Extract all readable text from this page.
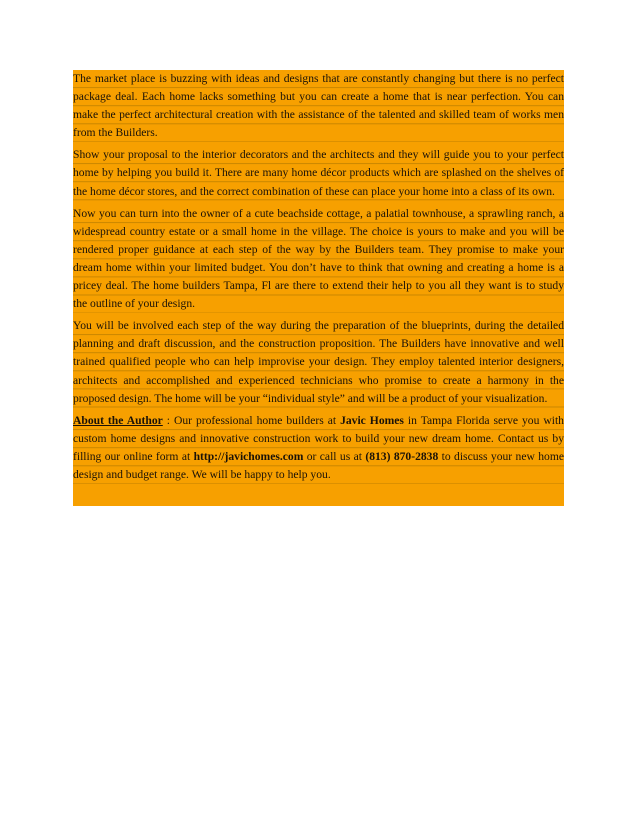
The market place is buzzing with ideas and designs that are constantly changing but there is no perfect package deal. Each home lacks something but you can create a home that is near perfection. You can make the perfect architectural creation with the assistance of the talented and skilled team of works men from the Builders.

Show your proposal to the interior decorators and the architects and they will guide you to your perfect home by helping you build it. There are many home décor products which are splashed on the shelves of the home décor stores, and the correct combination of these can place your home into a class of its own.

Now you can turn into the owner of a cute beachside cottage, a palatial townhouse, a sprawling ranch, a widespread country estate or a small home in the village. The choice is yours to make and you will be rendered proper guidance at each step of the way by the Builders team. They promise to make your dream home within your limited budget. You don’t have to think that owning and creating a home is a pricey deal. The home builders Tampa, Fl are there to extend their help to you all they want is to study the outline of your design.

You will be involved each step of the way during the preparation of the blueprints, during the detailed planning and draft discussion, and the construction proposition. The Builders have innovative and well trained qualified people who can help improvise your design. They employ talented interior designers, architects and accomplished and experienced technicians who promise to create a harmony in the proposed design. The home will be your “individual style” and will be a product of your visualization.

About the Author : Our professional home builders at Javic Homes in Tampa Florida serve you with custom home designs and innovative construction work to build your new dream home. Contact us by filling our online form at http://javichomes.com or call us at (813) 870-2838 to discuss your new home design and budget range. We will be happy to help you.
